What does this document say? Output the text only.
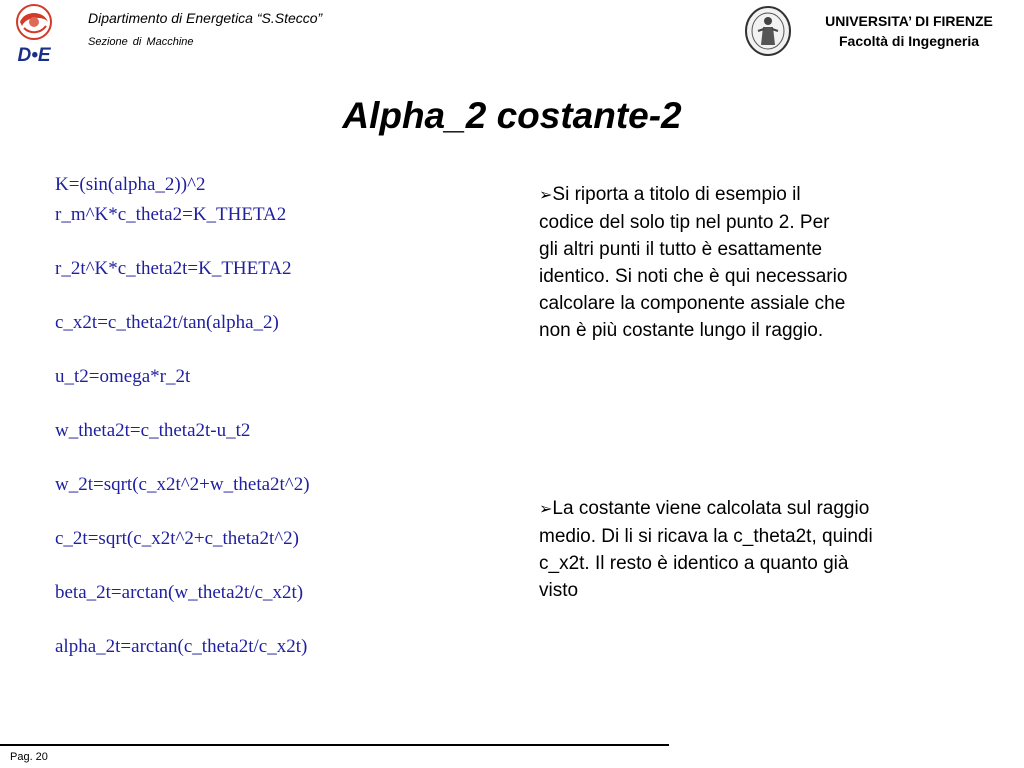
D•E
Dipartimento di Energetica “S.Stecco”
Sezione di Macchine
UNIVERSITA’ DI FIRENZE
Facoltà di Ingegneria
Alpha_2 costante-2
K=(sin(alpha_2))^2
r_m^K*c_theta2=K_THETA2
r_2t^K*c_theta2t=K_THETA2
c_x2t=c_theta2t/tan(alpha_2)
u_t2=omega*r_2t
w_theta2t=c_theta2t-u_t2
w_2t=sqrt(c_x2t^2+w_theta2t^2)
c_2t=sqrt(c_x2t^2+c_theta2t^2)
beta_2t=arctan(w_theta2t/c_x2t)
alpha_2t=arctan(c_theta2t/c_x2t)
➢Si riporta a titolo di esempio il
codice del solo tip nel punto 2. Per
gli altri punti il tutto è esattamente
identico. Si noti che è qui necessario
calcolare la componente assiale che
non è più costante lungo il raggio.
➢La costante viene calcolata sul raggio
medio. Di li si ricava la c_theta2t, quindi
c_x2t. Il resto è identico a quanto già
visto
Pag. 20
